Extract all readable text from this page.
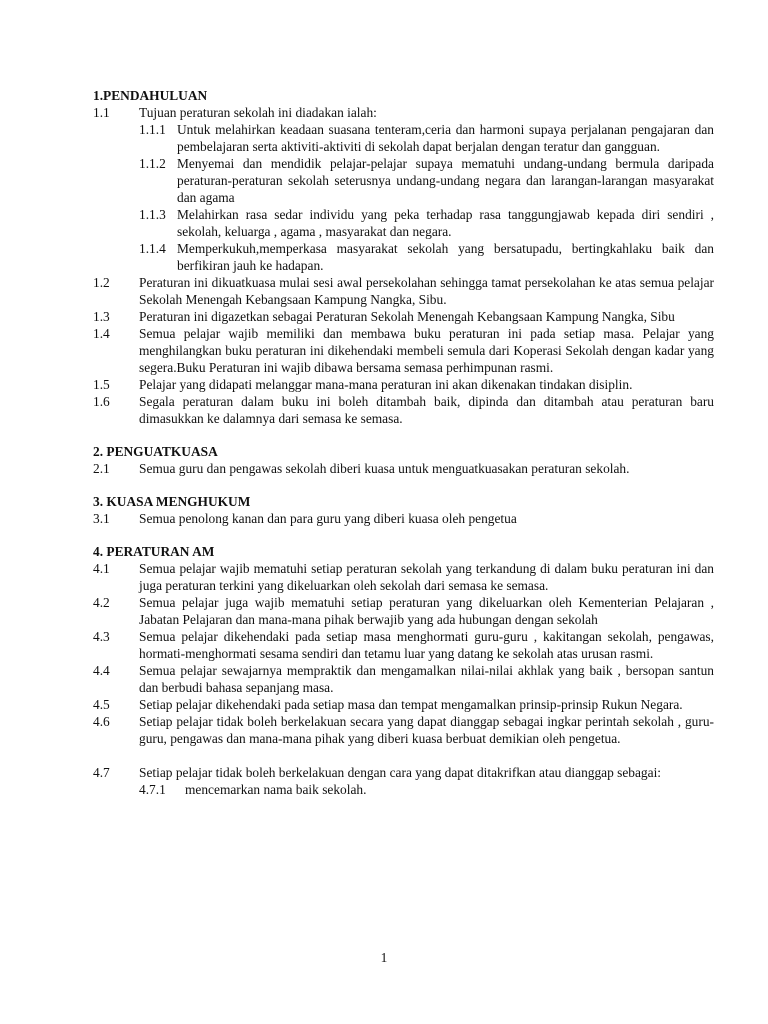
1.PENDAHULUAN
1.1	Tujuan peraturan sekolah ini diadakan ialah:
1.1.1 Untuk melahirkan keadaan suasana tenteram,ceria dan harmoni supaya perjalanan pengajaran dan pembelajaran serta aktiviti-aktiviti di sekolah dapat berjalan dengan teratur dan gangguan.
1.1.2 Menyemai dan mendidik pelajar-pelajar supaya mematuhi undang-undang bermula daripada peraturan-peraturan sekolah seterusnya undang-undang negara dan larangan-larangan masyarakat dan agama
1.1.3 Melahirkan rasa sedar individu yang peka terhadap rasa tanggungjawab kepada diri sendiri , sekolah, keluarga , agama , masyarakat dan negara.
1.1.4 Memperkukuh,memperkasa masyarakat sekolah yang bersatupadu, bertingkahlaku baik dan berfikiran jauh ke hadapan.
1.2	Peraturan ini dikuatkuasa mulai sesi awal persekolahan sehingga tamat persekolahan ke atas semua pelajar Sekolah Menengah Kebangsaan Kampung Nangka, Sibu.
1.3	Peraturan ini digazetkan sebagai Peraturan Sekolah Menengah Kebangsaan Kampung Nangka, Sibu
1.4	Semua pelajar wajib memiliki dan membawa buku peraturan ini pada setiap masa. Pelajar yang menghilangkan buku peraturan ini dikehendaki membeli semula dari Koperasi Sekolah dengan kadar yang segera.Buku Peraturan ini wajib dibawa bersama semasa perhimpunan rasmi.
1.5	Pelajar yang didapati melanggar mana-mana peraturan ini akan dikenakan tindakan disiplin.
1.6	Segala peraturan dalam buku ini boleh ditambah baik, dipinda dan ditambah atau peraturan baru dimasukkan ke dalamnya dari semasa ke semasa.
2. PENGUATKUASA
2.1	Semua guru dan pengawas sekolah diberi kuasa untuk menguatkuasakan peraturan sekolah.
3. KUASA MENGHUKUM
3.1	Semua penolong kanan dan para guru yang diberi kuasa oleh pengetua
4. PERATURAN AM
4.1	Semua pelajar wajib mematuhi setiap peraturan sekolah yang terkandung di dalam buku peraturan ini dan juga peraturan terkini yang dikeluarkan oleh sekolah dari semasa ke semasa.
4.2	Semua pelajar juga wajib mematuhi setiap peraturan yang dikeluarkan oleh Kementerian Pelajaran , Jabatan Pelajaran dan mana-mana pihak berwajib yang ada hubungan dengan sekolah
4.3	Semua pelajar dikehendaki pada setiap masa menghormati guru-guru , kakitangan sekolah, pengawas, hormati-menghormati sesama sendiri dan tetamu luar yang datang ke sekolah atas urusan rasmi.
4.4	Semua pelajar sewajarnya mempraktik dan mengamalkan nilai-nilai akhlak yang baik , bersopan santun dan berbudi bahasa sepanjang masa.
4.5	Setiap pelajar dikehendaki pada setiap masa dan tempat mengamalkan prinsip-prinsip Rukun Negara.
4.6	Setiap pelajar tidak boleh berkelakuan secara yang dapat dianggap sebagai ingkar perintah sekolah , guru-guru, pengawas dan mana-mana pihak yang diberi kuasa berbuat demikian oleh pengetua.
4.7	Setiap pelajar tidak boleh berkelakuan dengan cara yang dapat ditakrifkan atau dianggap sebagai:
4.7.1	mencemarkan nama baik sekolah.
1
